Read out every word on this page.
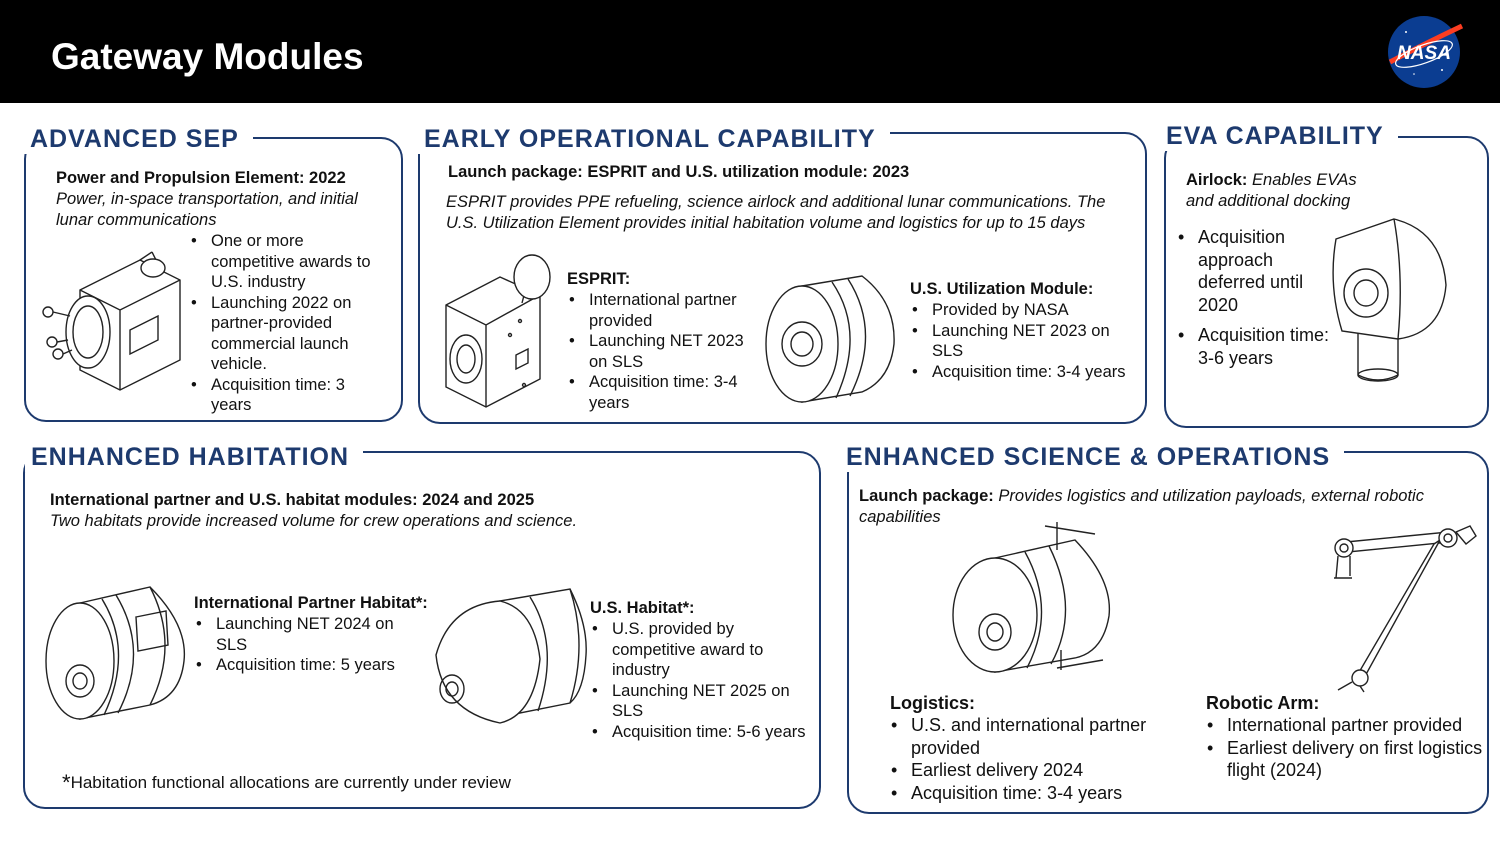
Gateway Modules	NASA
ADVANCED SEP
Power and Propulsion Element: 2022
Power, in-space transportation, and initial lunar communications
• One or more competitive awards to U.S. industry
• Launching 2022 on partner-provided commercial launch vehicle.
• Acquisition time: 3 years
EARLY OPERATIONAL CAPABILITY
Launch package: ESPRIT and U.S. utilization module: 2023
ESPRIT provides PPE refueling, science airlock and additional lunar communications. The U.S. Utilization Element provides initial habitation volume and logistics for up to 15 days
ESPRIT:
• International partner provided
• Launching NET 2023 on SLS
• Acquisition time: 3-4 years
U.S. Utilization Module:
• Provided by NASA
• Launching NET 2023 on SLS
• Acquisition time: 3-4 years
EVA CAPABILITY
Airlock: Enables EVAs and additional docking
• Acquisition approach deferred until 2020
• Acquisition time: 3-6 years
ENHANCED HABITATION
International partner and U.S. habitat modules: 2024 and 2025
Two habitats provide increased volume for crew operations and science.
International Partner Habitat*:
• Launching NET 2024 on SLS
• Acquisition time: 5 years
U.S. Habitat*:
• U.S. provided by competitive award to industry
• Launching NET 2025 on SLS
• Acquisition time: 5-6 years
*Habitation functional allocations are currently under review
ENHANCED SCIENCE & OPERATIONS
Launch package: Provides logistics and utilization payloads, external robotic capabilities
Logistics:
• U.S. and international partner provided
• Earliest delivery 2024
• Acquisition time: 3-4 years
Robotic Arm:
• International partner provided
• Earliest delivery on first logistics flight (2024)
